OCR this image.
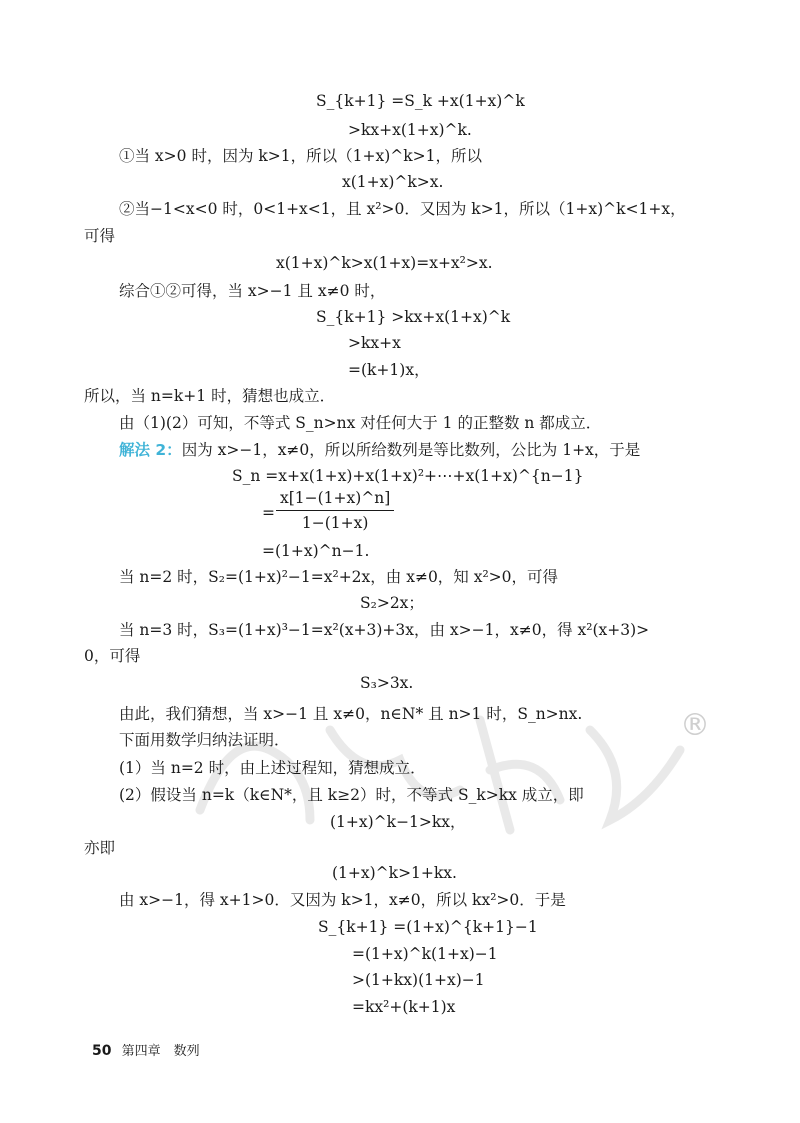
®
S_{k+1} =S_k +x(1+x)^k
>kx+x(1+x)^k.
①当 x>0 时，因为 k>1，所以（1+x)^k>1，所以
x(1+x)^k>x.
②当−1<x<0 时，0<1+x<1，且 x²>0．又因为 k>1，所以（1+x)^k<1+x，
可得
x(1+x)^k>x(1+x)=x+x²>x.
综合①②可得，当 x>−1 且 x≠0 时，
S_{k+1} >kx+x(1+x)^k
>kx+x
=(k+1)x，
所以，当 n=k+1 时，猜想也成立．
由（1)(2）可知，不等式 S_n>nx 对任何大于 1 的正整数 n 都成立．
解法 2：因为 x>−1，x≠0，所以所给数列是等比数列，公比为 1+x，于是
S_n =x+x(1+x)+x(1+x)²+⋯+x(1+x)^{n−1}
= $\frac{x[1-(1+x)\^{}n]}{1-(1+x)}$
=(1+x)^n−1.
当 n=2 时，S₂=(1+x)²−1=x²+2x，由 x≠0，知 x²>0，可得
S₂>2x；
当 n=3 时，S₃=(1+x)³−1=x²(x+3)+3x，由 x>−1，x≠0，得 x²(x+3)>
0，可得
S₃>3x.
由此，我们猜想，当 x>−1 且 x≠0，n∈N* 且 n>1 时，S_n>nx.
下面用数学归纳法证明．
(1）当 n=2 时，由上述过程知，猜想成立．
(2）假设当 n=k（k∈N*，且 k≥2）时，不等式 S_k>kx 成立，即
(1+x)^k−1>kx，
亦即
(1+x)^k>1+kx.
由 x>−1，得 x+1>0．又因为 k>1，x≠0，所以 kx²>0．于是
S_{k+1} =(1+x)^{k+1}−1
=(1+x)^k(1+x)−1
>(1+kx)(1+x)−1
=kx²+(k+1)x
50 第四章　数列
